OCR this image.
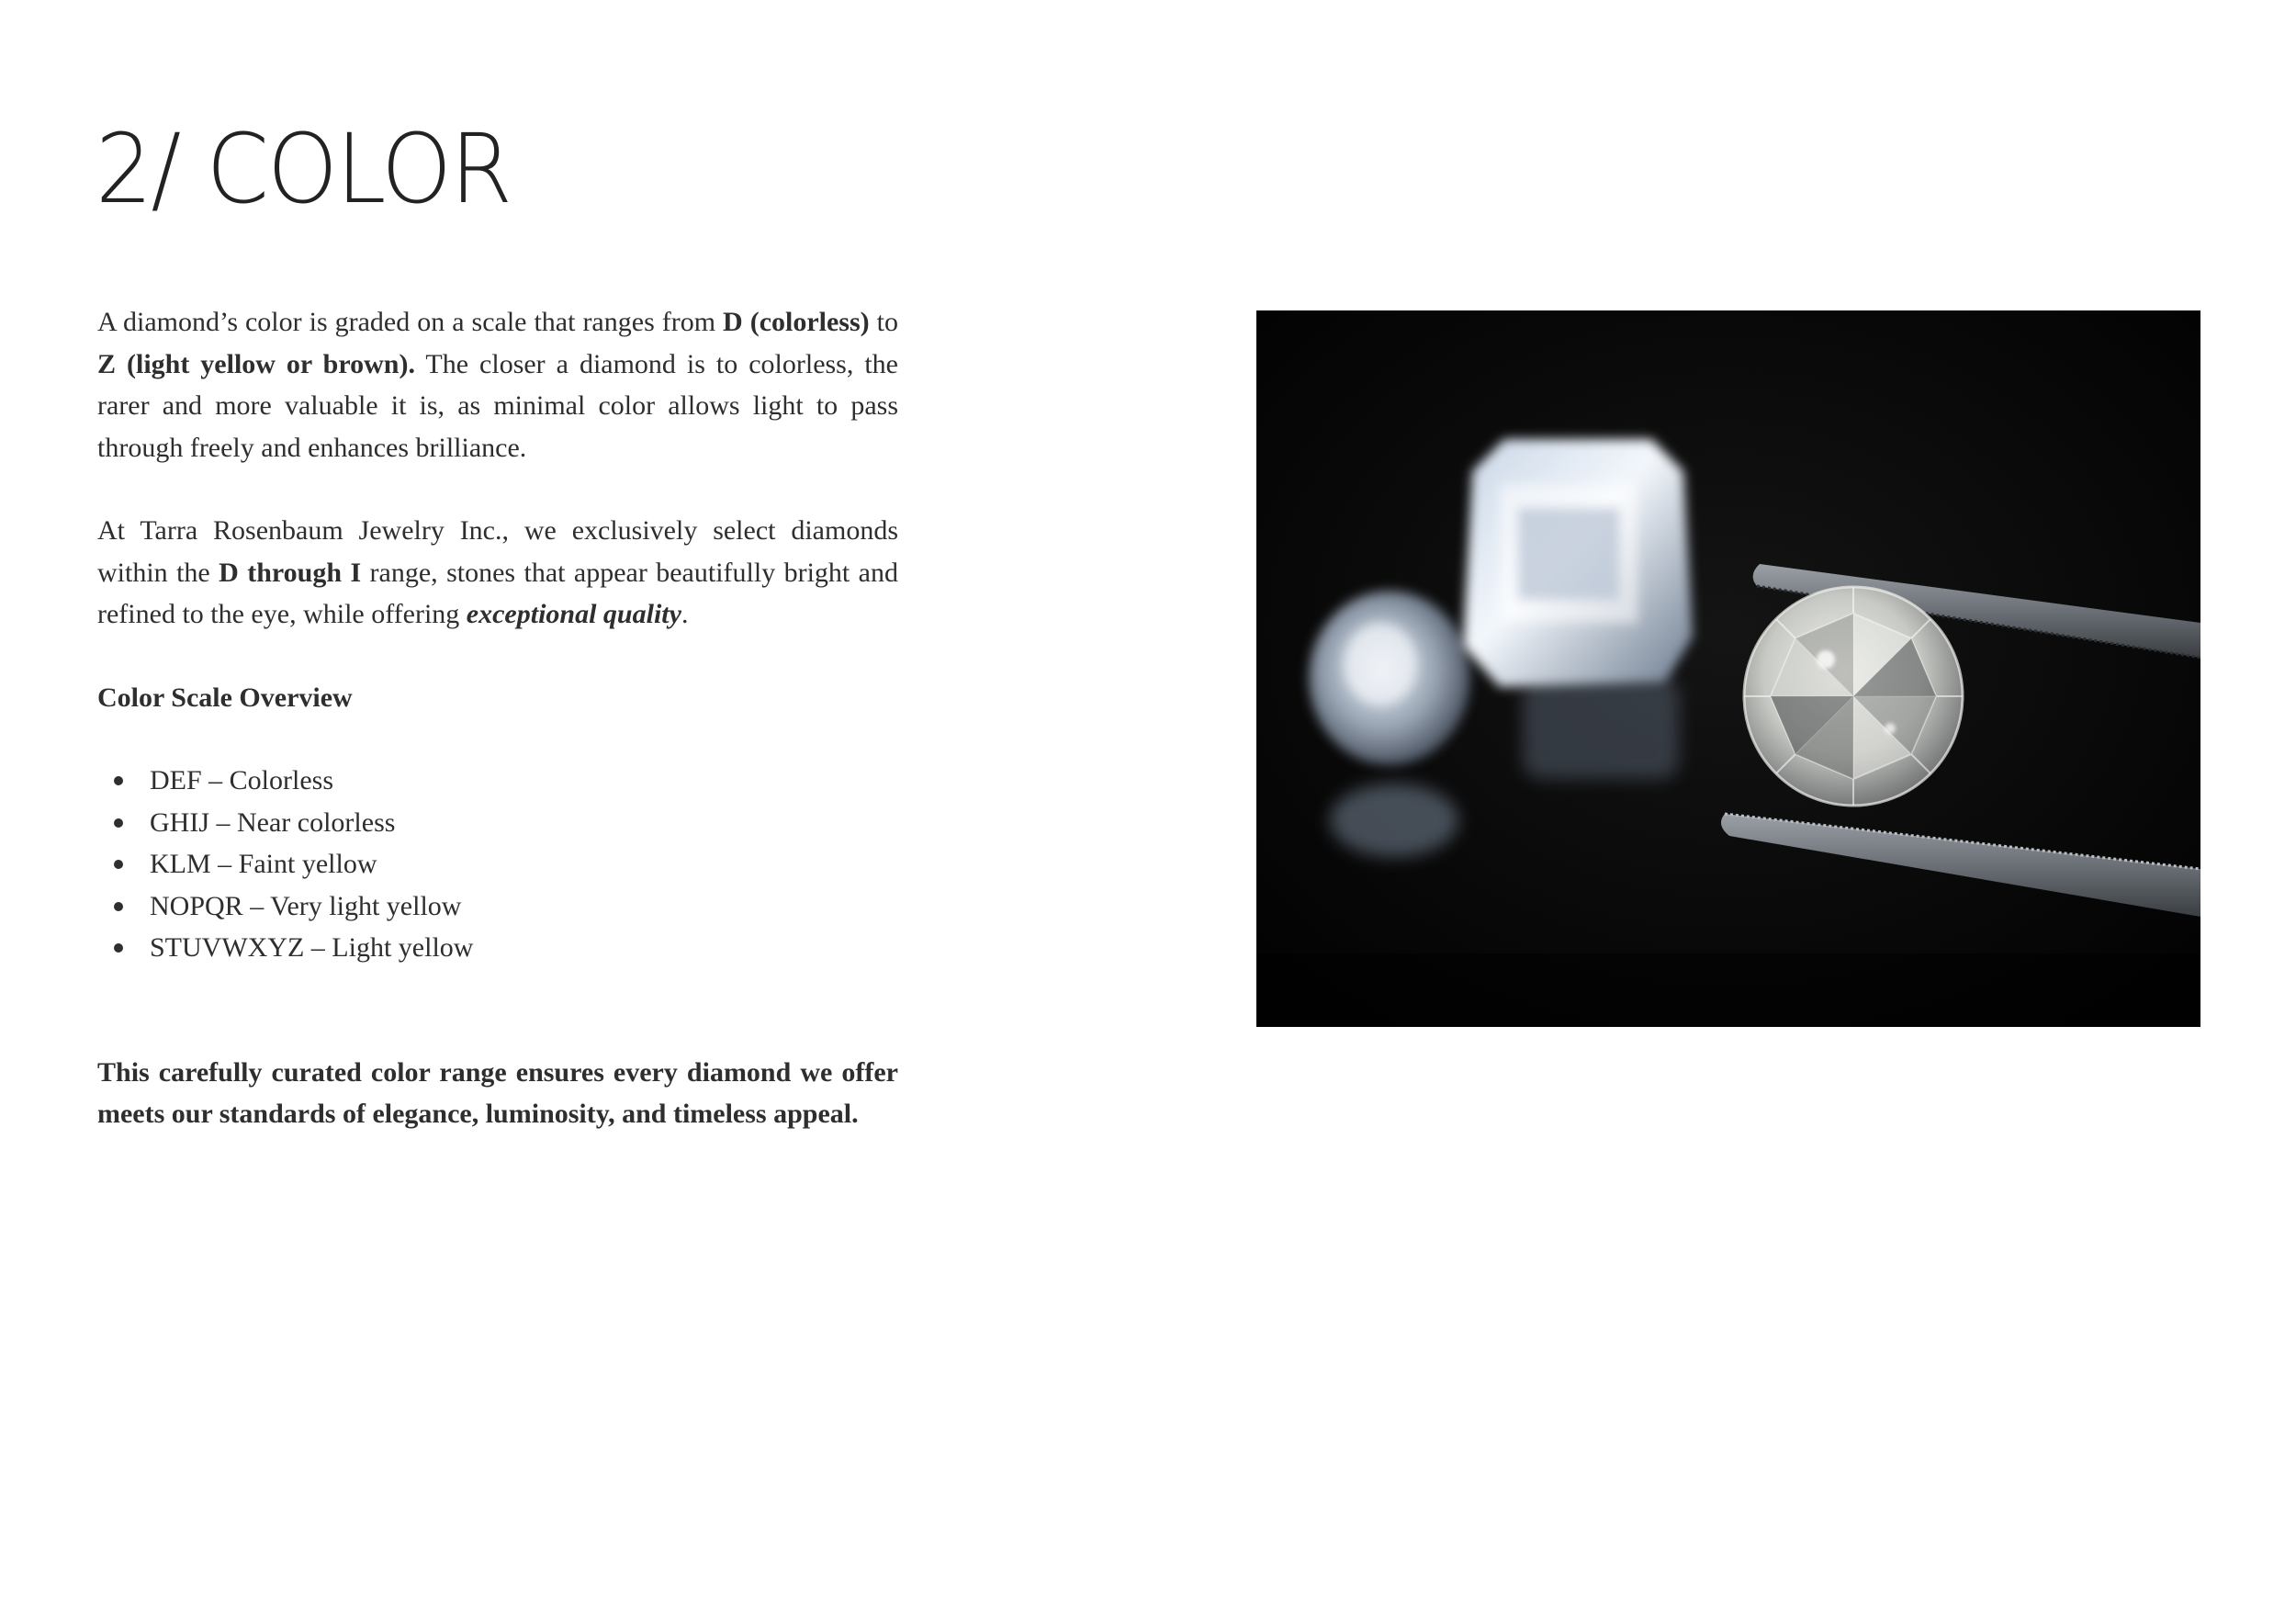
2/ COLOR

A diamond’s color is graded on a scale that ranges from D (colorless) to Z (light yellow or brown). The closer a diamond is to colorless, the rarer and more valuable it is, as minimal color allows light to pass through freely and enhances brilliance.

At Tarra Rosenbaum Jewelry Inc., we exclusively select diamonds within the D through I range, stones that appear beautifully bright and refined to the eye, while offering exceptional quality.

Color Scale Overview
DEF – Colorless
GHIJ – Near colorless
KLM – Faint yellow
NOPQR – Very light yellow
STUVWXYZ – Light yellow

This carefully curated color range ensures every diamond we offer meets our standards of elegance, luminosity, and timeless appeal.
